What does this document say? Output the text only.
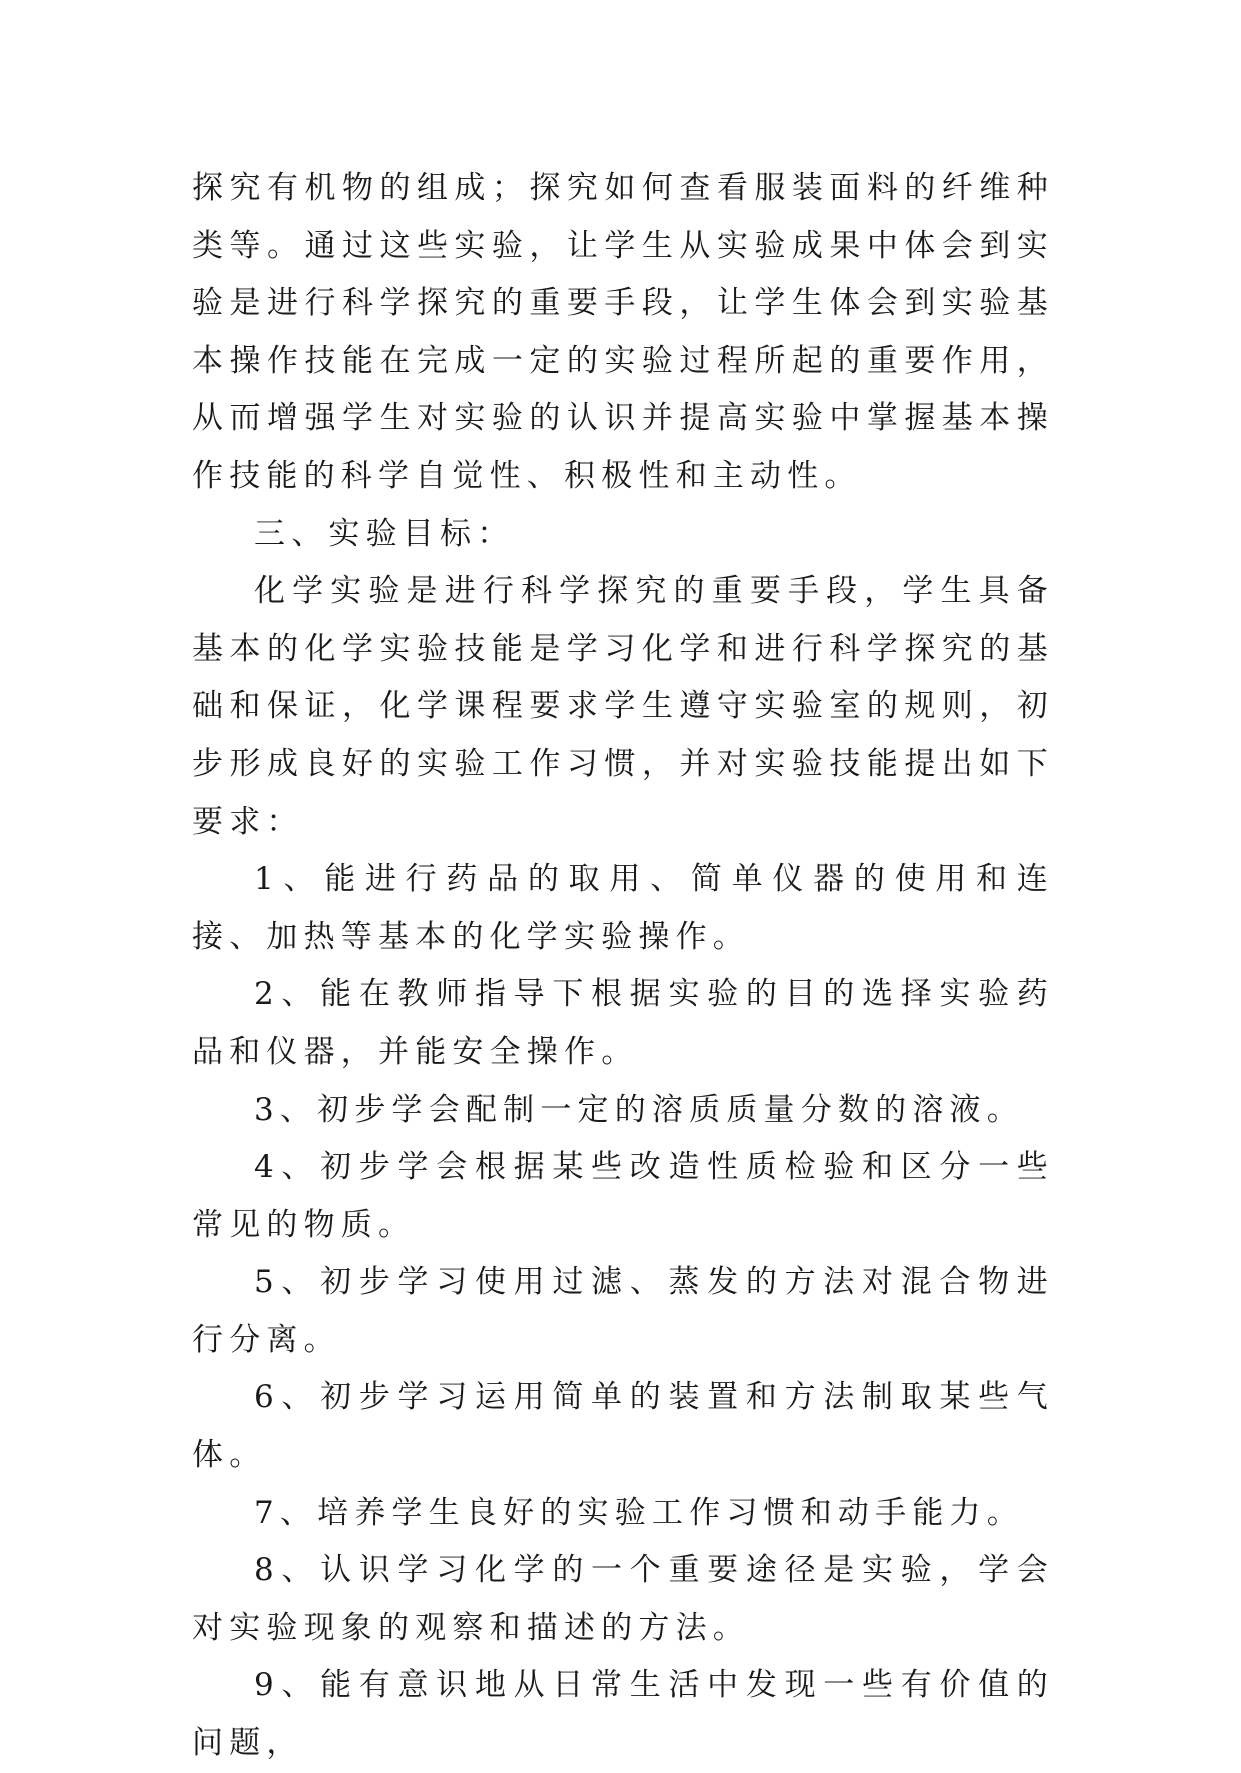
探究有机物的组成；探究如何查看服装面料的纤维种类等。通过这些实验，让学生从实验成果中体会到实验是进行科学探究的重要手段，让学生体会到实验基本操作技能在完成一定的实验过程所起的重要作用，从而增强学生对实验的认识并提高实验中掌握基本操作技能的科学自觉性、积极性和主动性。

三、实验目标：

化学实验是进行科学探究的重要手段，学生具备基本的化学实验技能是学习化学和进行科学探究的基础和保证，化学课程要求学生遵守实验室的规则，初步形成良好的实验工作习惯，并对实验技能提出如下要求：

1、能进行药品的取用、简单仪器的使用和连接、加热等基本的化学实验操作。

2、能在教师指导下根据实验的目的选择实验药品和仪器，并能安全操作。

3、初步学会配制一定的溶质质量分数的溶液。

4、初步学会根据某些改造性质检验和区分一些常见的物质。

5、初步学习使用过滤、蒸发的方法对混合物进行分离。

6、初步学习运用简单的装置和方法制取某些气体。

7、培养学生良好的实验工作习惯和动手能力。

8、认识学习化学的一个重要途径是实验，学会对实验现象的观察和描述的方法。

9、能有意识地从日常生活中发现一些有价值的问题，
